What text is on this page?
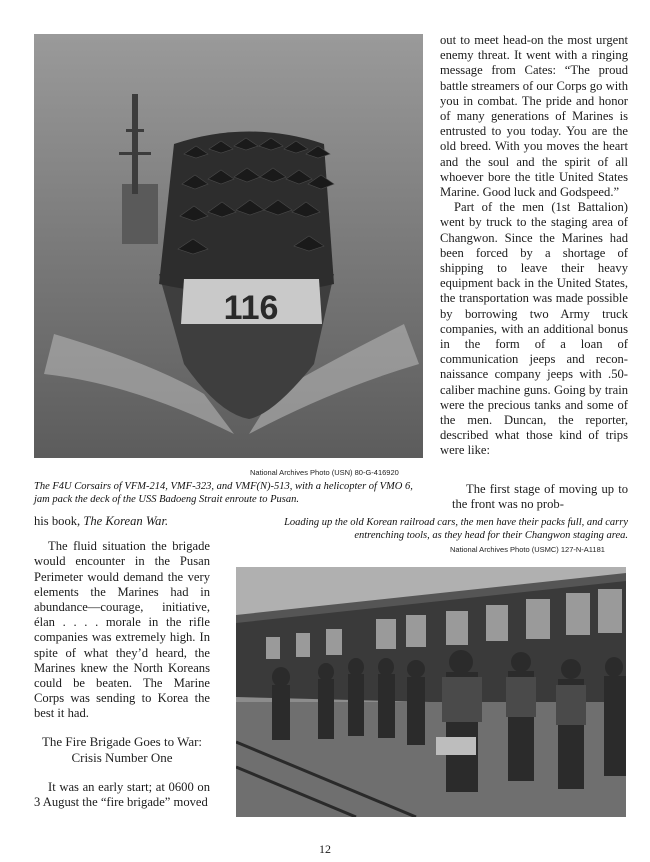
116
National Archives Photo (USN) 80-G-416920
The F4U Corsairs of VFM-214, VMF-323, and VMF(N)-513, with a helicopter of VMO 6, jam pack the deck of the USS Badoeng Strait enroute to Pusan.

out to meet head-on the most urgent enemy threat. It went with a ringing message from Cates: “The proud battle streamers of our Corps go with you in combat. The pride and honor of many generations of Marines is entrusted to you today. You are the old breed. With you moves the heart and the soul and the spirit of all whoever bore the title United States Marine. Good luck and Godspeed.”

Part of the men (1st Battalion) went by truck to the staging area of Changwon. Since the Marines had been forced by a shortage of shipping to leave their heavy equipment back in the United States, the transportation was made possible by borrowing two Army truck companies, with an additional bonus in the form of a loan of communication jeeps and reconnaissance company jeeps with .50-caliber machine guns. Going by train were the precious tanks and some of the men. Duncan, the reporter, described what those kind of trips were like:

The first stage of moving up to the front was no prob-

his book, The Korean War.

The fluid situation the brigade would encounter in the Pusan Perimeter would demand the very elements the Marines had in abundance—courage, initiative, élan . . . . morale in the rifle companies was extremely high. In spite of what they’d heard, the Marines knew the North Koreans could be beaten. The Marine Corps was sending to Korea the best it had.

The Fire Brigade Goes to War:
Crisis Number One

It was an early start; at 0600 on 3 August the “fire brigade” moved

Loading up the old Korean railroad cars, the men have their packs full, and carry entrenching tools, as they head for their Changwon staging area.
National Archives Photo (USMC) 127-N-A1181
12
